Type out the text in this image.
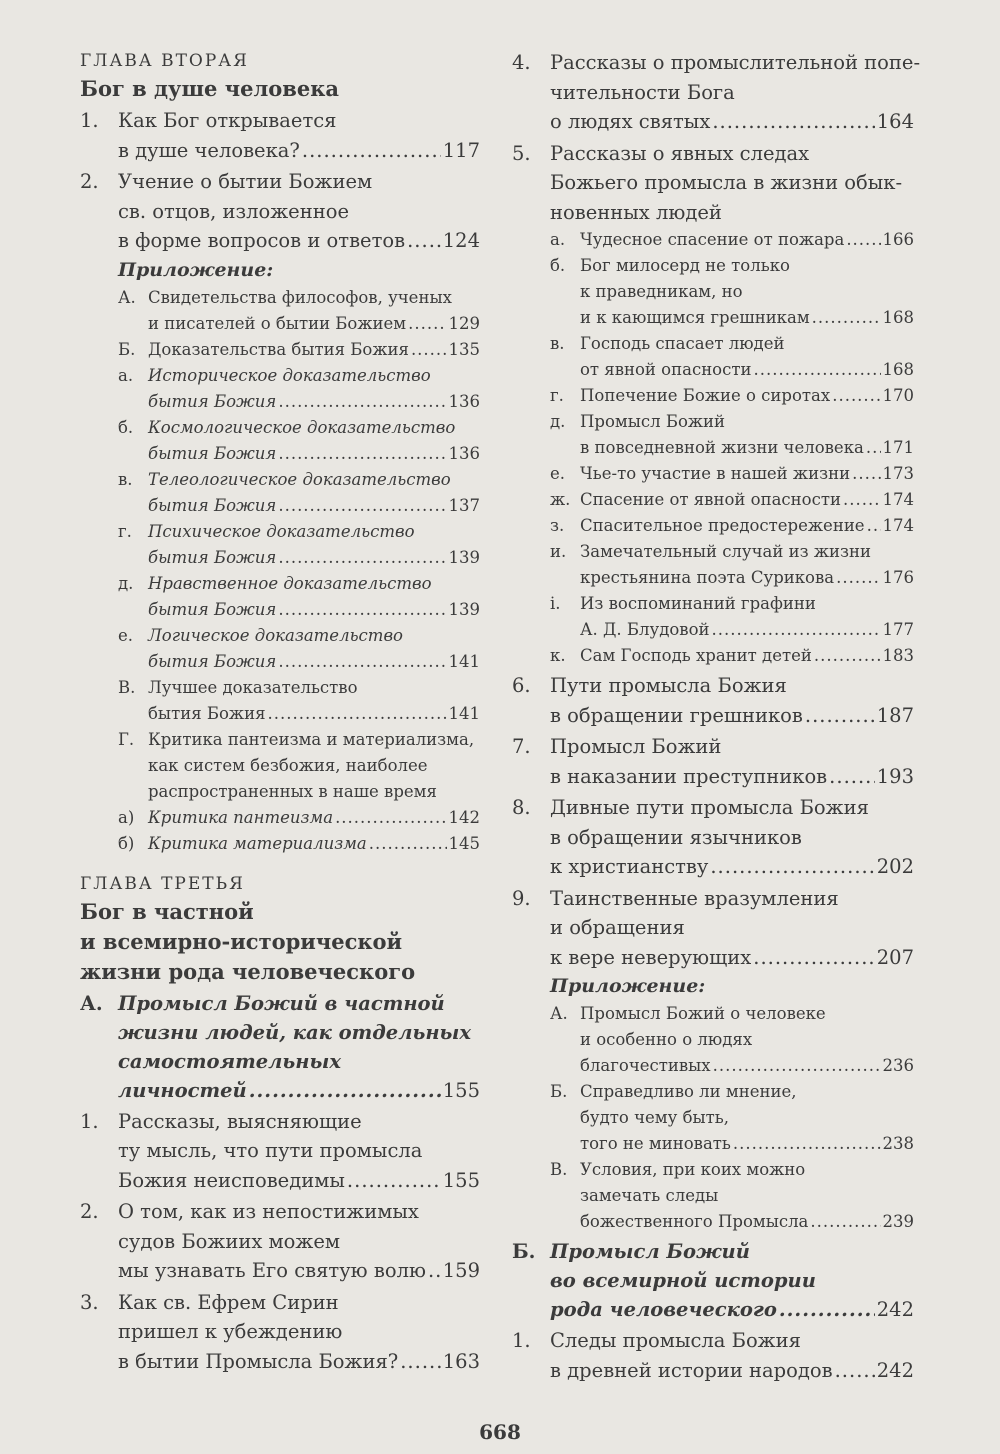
ГЛАВА ВТОРАЯ
Бог в душе человека
1. Как Бог открывается
в душе человека? .....	117
2. Учение о бытии Божием
св. отцов, изложенное
в форме вопросов и ответов ..... 124
Приложение:
А. Свидетельства философов, ученых
и писателей о бытии Божием .....	129
Б. Доказательства бытия Божия ..... 135
а. Историческое доказательство
бытия Божия .....	136
б. Космологическое доказательство
бытия Божия .....	136
в. Телеологическое доказательство
бытия Божия .....	137
г. Психическое доказательство
бытия Божия .....	139
д. Нравственное доказательство
бытия Божия .....	139
е. Логическое доказательство
бытия Божия .....	141
В. Лучшее доказательство
бытия Божия .....	141
Г. Критика пантеизма и материализма,
как систем безбожия, наиболее
распространенных в наше время
а) Критика пантеизма .....	142
б) Критика материализма .....	145
ГЛАВА ТРЕТЬЯ
Бог в частной
и всемирно-исторической
жизни рода человеческого
А. Промысл Божий в частной
жизни людей, как отдельных
самостоятельных
личностей .....	155
1. Рассказы, выясняющие
ту мысль, что пути промысла
Божия неисповедимы .....	155
2. О том, как из непостижимых
судов Божиих можем
мы узнавать Его святую волю ..... 159
3. Как св. Ефрем Сирин
пришел к убеждению
в бытии Промысла Божия? ..... 163
4. Рассказы о промыслительной попе-
чительности Бога
о людях святых .....	164
5. Рассказы о явных следах
Божьего промысла в жизни обык-
новенных людей
а. Чудесное спасение от пожара ..... 166
б. Бог милосерд не только
к праведникам, но
и к кающимся грешникам .....	168
в. Господь спасает людей
от явной опасности .....	168
г. Попечение Божие о сиротах .....	170
д. Промысл Божий
в повседневной жизни человека ..... 171
е. Чье-то участие в нашей жизни ..... 173
ж. Спасение от явной опасности .....	174
з. Спасительное предостережение ..... 174
и. Замечательный случай из жизни
крестьянина поэта Сурикова .....	176
i. Из воспоминаний графини
А. Д. Блудовой .....	177
к. Сам Господь хранит детей .....	183
6. Пути промысла Божия
в обращении грешников .....	187
7. Промысл Божий
в наказании преступников .....	193
8. Дивные пути промысла Божия
в обращении язычников
к христианству .....	202
9. Таинственные вразумления
и обращения
к вере неверующих .....	207
Приложение:
А. Промысл Божий о человеке
и особенно о людях
благочестивых .....	236
Б. Справедливо ли мнение,
будто чему быть,
того не миновать .....	238
В. Условия, при коих можно
замечать следы
божественного Промысла .....	239
Б. Промысл Божий
во всемирной истории
рода человеческого .....	242
1. Следы промысла Божия
в древней истории народов ..... 242
668
